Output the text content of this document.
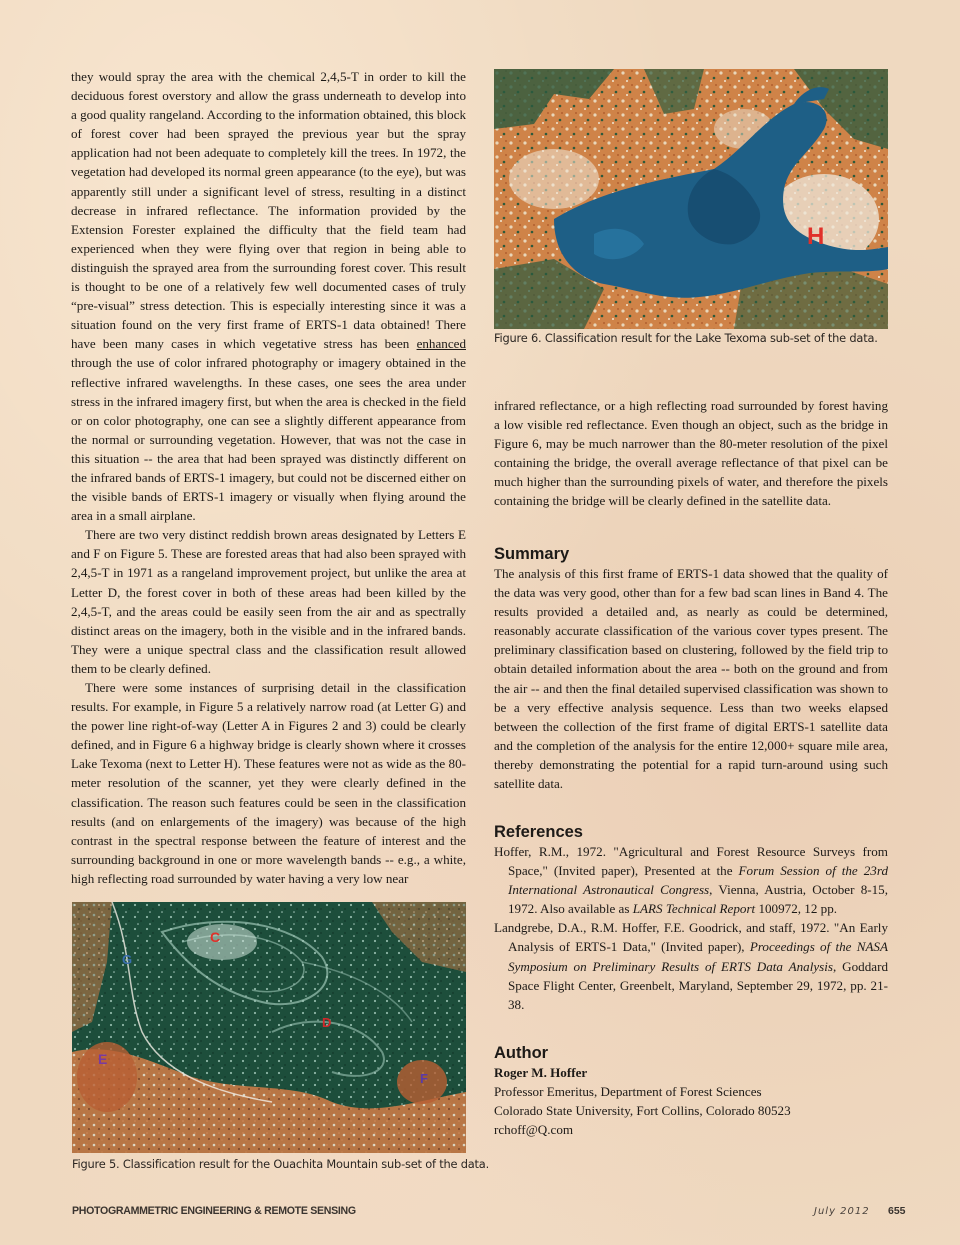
they would spray the area with the chemical 2,4,5-T in order to kill the deciduous forest overstory and allow the grass underneath to develop into a good quality rangeland. According to the information obtained, this block of forest cover had been sprayed the previous year but the spray application had not been adequate to completely kill the trees. In 1972, the vegetation had developed its normal green appearance (to the eye), but was apparently still under a significant level of stress, resulting in a distinct decrease in infrared reflectance. The information provided by the Extension Forester explained the difficulty that the field team had experienced when they were flying over that region in being able to distinguish the sprayed area from the surrounding forest cover. This result is thought to be one of a relatively few well documented cases of truly “pre-visual” stress detection. This is especially interesting since it was a situation found on the very first frame of ERTS-1 data obtained! There have been many cases in which vegetative stress has been enhanced through the use of color infrared photography or imagery obtained in the reflective infrared wavelengths. In these cases, one sees the area under stress in the infrared imagery first, but when the area is checked in the field or on color photography, one can see a slightly different appearance from the normal or surrounding vegetation. However, that was not the case in this situation -- the area that had been sprayed was distinctly different on the infrared bands of ERTS-1 imagery, but could not be discerned either on the visible bands of ERTS-1 imagery or visually when flying around the area in a small airplane.

There are two very distinct reddish brown areas designated by Letters E and F on Figure 5. These are forested areas that had also been sprayed with 2,4,5-T in 1971 as a rangeland improvement project, but unlike the area at Letter D, the forest cover in both of these areas had been killed by the 2,4,5-T, and the areas could be easily seen from the air and as spectrally distinct areas on the imagery, both in the visible and in the infrared bands. They were a unique spectral class and the classification result allowed them to be clearly defined.

There were some instances of surprising detail in the classification results. For example, in Figure 5 a relatively narrow road (at Letter G) and the power line right-of-way (Letter A in Figures 2 and 3) could be clearly defined, and in Figure 6 a highway bridge is clearly shown where it crosses Lake Texoma (next to Letter H). These features were not as wide as the 80-meter resolution of the scanner, yet they were clearly defined in the classification. The reason such features could be seen in the classification results (and on enlargements of the imagery) was because of the high contrast in the spectral response between the feature of interest and the surrounding background in one or more wavelength bands -- e.g., a white, high reflecting road surrounded by water having a very low near

H
Figure 6. Classification result for the Lake Texoma sub-set of the data.

infrared reflectance, or a high reflecting road surrounded by forest having a low visible red reflectance. Even though an object, such as the bridge in Figure 6, may be much narrower than the 80-meter resolution of the pixel containing the bridge, the overall average reflectance of that pixel can be much higher than the surrounding pixels of water, and therefore the pixels containing the bridge will be clearly defined in the satellite data.

Summary

The analysis of this first frame of ERTS-1 data showed that the quality of the data was very good, other than for a few bad scan lines in Band 4. The results provided a detailed and, as nearly as could be determined, reasonably accurate classification of the various cover types present. The preliminary classification based on clustering, followed by the field trip to obtain detailed information about the area -- both on the ground and from the air -- and then the final detailed supervised classification was shown to be a very effective analysis sequence. Less than two weeks elapsed between the collection of the first frame of digital ERTS-1 satellite data and the completion of the analysis for the entire 12,000+ square mile area, thereby demonstrating the potential for a rapid turn-around using such satellite data.

References

Hoffer, R.M., 1972. "Agricultural and Forest Resource Surveys from Space," (Invited paper), Presented at the Forum Session of the 23rd International Astronautical Congress, Vienna, Austria, October 8-15, 1972. Also available as LARS Technical Report 100972, 12 pp.

Landgrebe, D.A., R.M. Hoffer, F.E. Goodrick, and staff, 1972. "An Early Analysis of ERTS-1 Data," (Invited paper), Proceedings of the NASA Symposium on Preliminary Results of ERTS Data Analysis, Goddard Space Flight Center, Greenbelt, Maryland, September 29, 1972, pp. 21-38.

Author
Roger M. Hoffer
Professor Emeritus, Department of Forest Sciences
Colorado State University, Fort Collins, Colorado 80523
rchoff@Q.com
C
G
D
E
F
Figure 5. Classification result for the Ouachita Mountain sub-set of the data.
PHOTOGRAMMETRIC ENGINEERING & REMOTE SENSING	July 2012 655
